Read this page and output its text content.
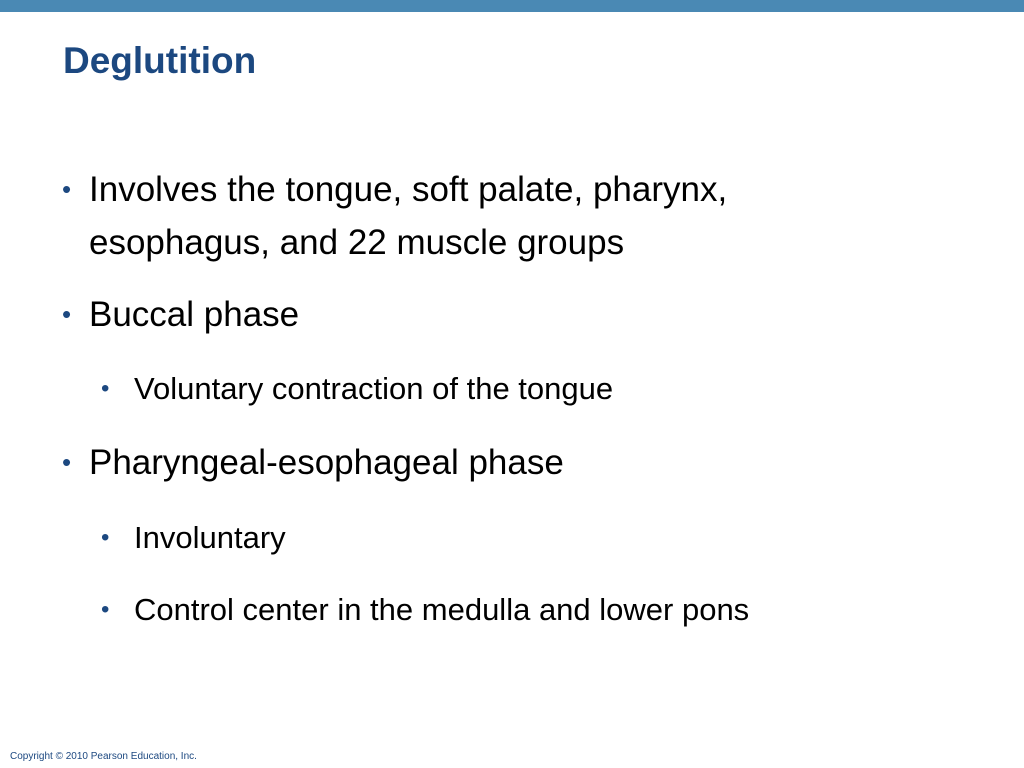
Deglutition
• Involves the tongue, soft palate, pharynx,
esophagus, and 22 muscle groups
• Buccal phase
• Voluntary contraction of the tongue
• Pharyngeal-esophageal phase
• Involuntary
• Control center in the medulla and lower pons
Copyright © 2010 Pearson Education, Inc.
